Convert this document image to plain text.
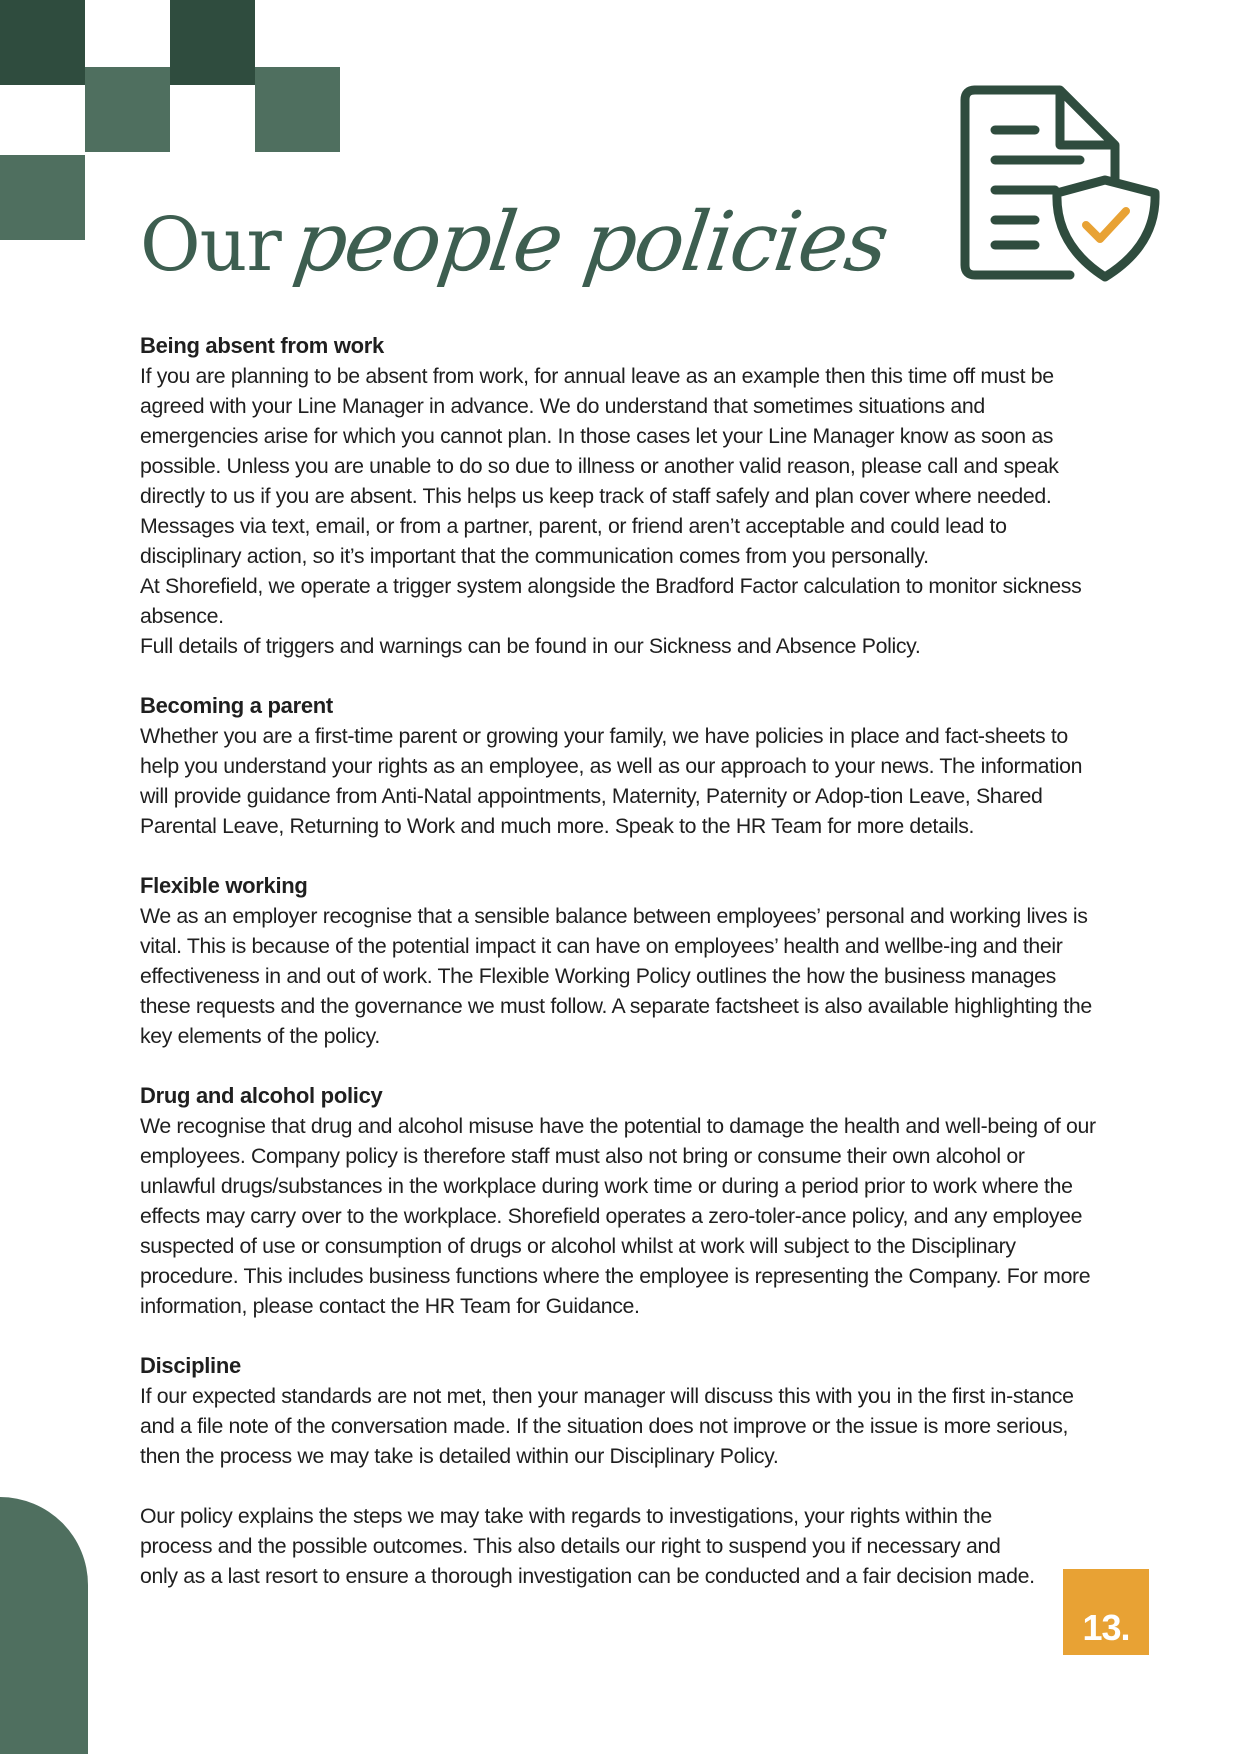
Our people policies
Being absent from work

If you are planning to be absent from work, for annual leave as an example then this time off must be agreed with your Line Manager in advance. We do understand that sometimes situations and emergencies arise for which you cannot plan. In those cases let your Line Manager know as soon as possible. Unless you are unable to do so due to illness or another valid reason, please call and speak directly to us if you are absent. This helps us keep track of staff safely and plan cover where needed. Messages via text, email, or from a partner, parent, or friend aren’t acceptable and could lead to disciplinary action, so it’s important that the communication comes from you personally.

At Shorefield, we operate a trigger system alongside the Bradford Factor calculation to monitor sickness absence.

Full details of triggers and warnings can be found in our Sickness and Absence Policy.

Becoming a parent

Whether you are a first-time parent or growing your family, we have policies in place and fact-sheets to help you understand your rights as an employee, as well as our approach to your news. The information will provide guidance from Anti-Natal appointments, Maternity, Paternity or Adop-tion Leave, Shared Parental Leave, Returning to Work and much more. Speak to the HR Team for more details.

Flexible working

We as an employer recognise that a sensible balance between employees’ personal and working lives is vital. This is because of the potential impact it can have on employees’ health and wellbe-ing and their effectiveness in and out of work. The Flexible Working Policy outlines the how the business manages these requests and the governance we must follow. A separate factsheet is also available highlighting the key elements of the policy.

Drug and alcohol policy

We recognise that drug and alcohol misuse have the potential to damage the health and well-being of our employees. Company policy is therefore staff must also not bring or consume their own alcohol or unlawful drugs/substances in the workplace during work time or during a period prior to work where the effects may carry over to the workplace. Shorefield operates a zero-toler-ance policy, and any employee suspected of use or consumption of drugs or alcohol whilst at work will subject to the Disciplinary procedure. This includes business functions where the employee is representing the Company. For more information, please contact the HR Team for Guidance.

Discipline

If our expected standards are not met, then your manager will discuss this with you in the first in-stance and a file note of the conversation made. If the situation does not improve or the issue is more serious, then the process we may take is detailed within our Disciplinary Policy.

Our policy explains the steps we may take with regards to investigations, your rights within the process and the possible outcomes. This also details our right to suspend you if necessary and only as a last resort to ensure a thorough investigation can be conducted and a fair decision made.

13.
